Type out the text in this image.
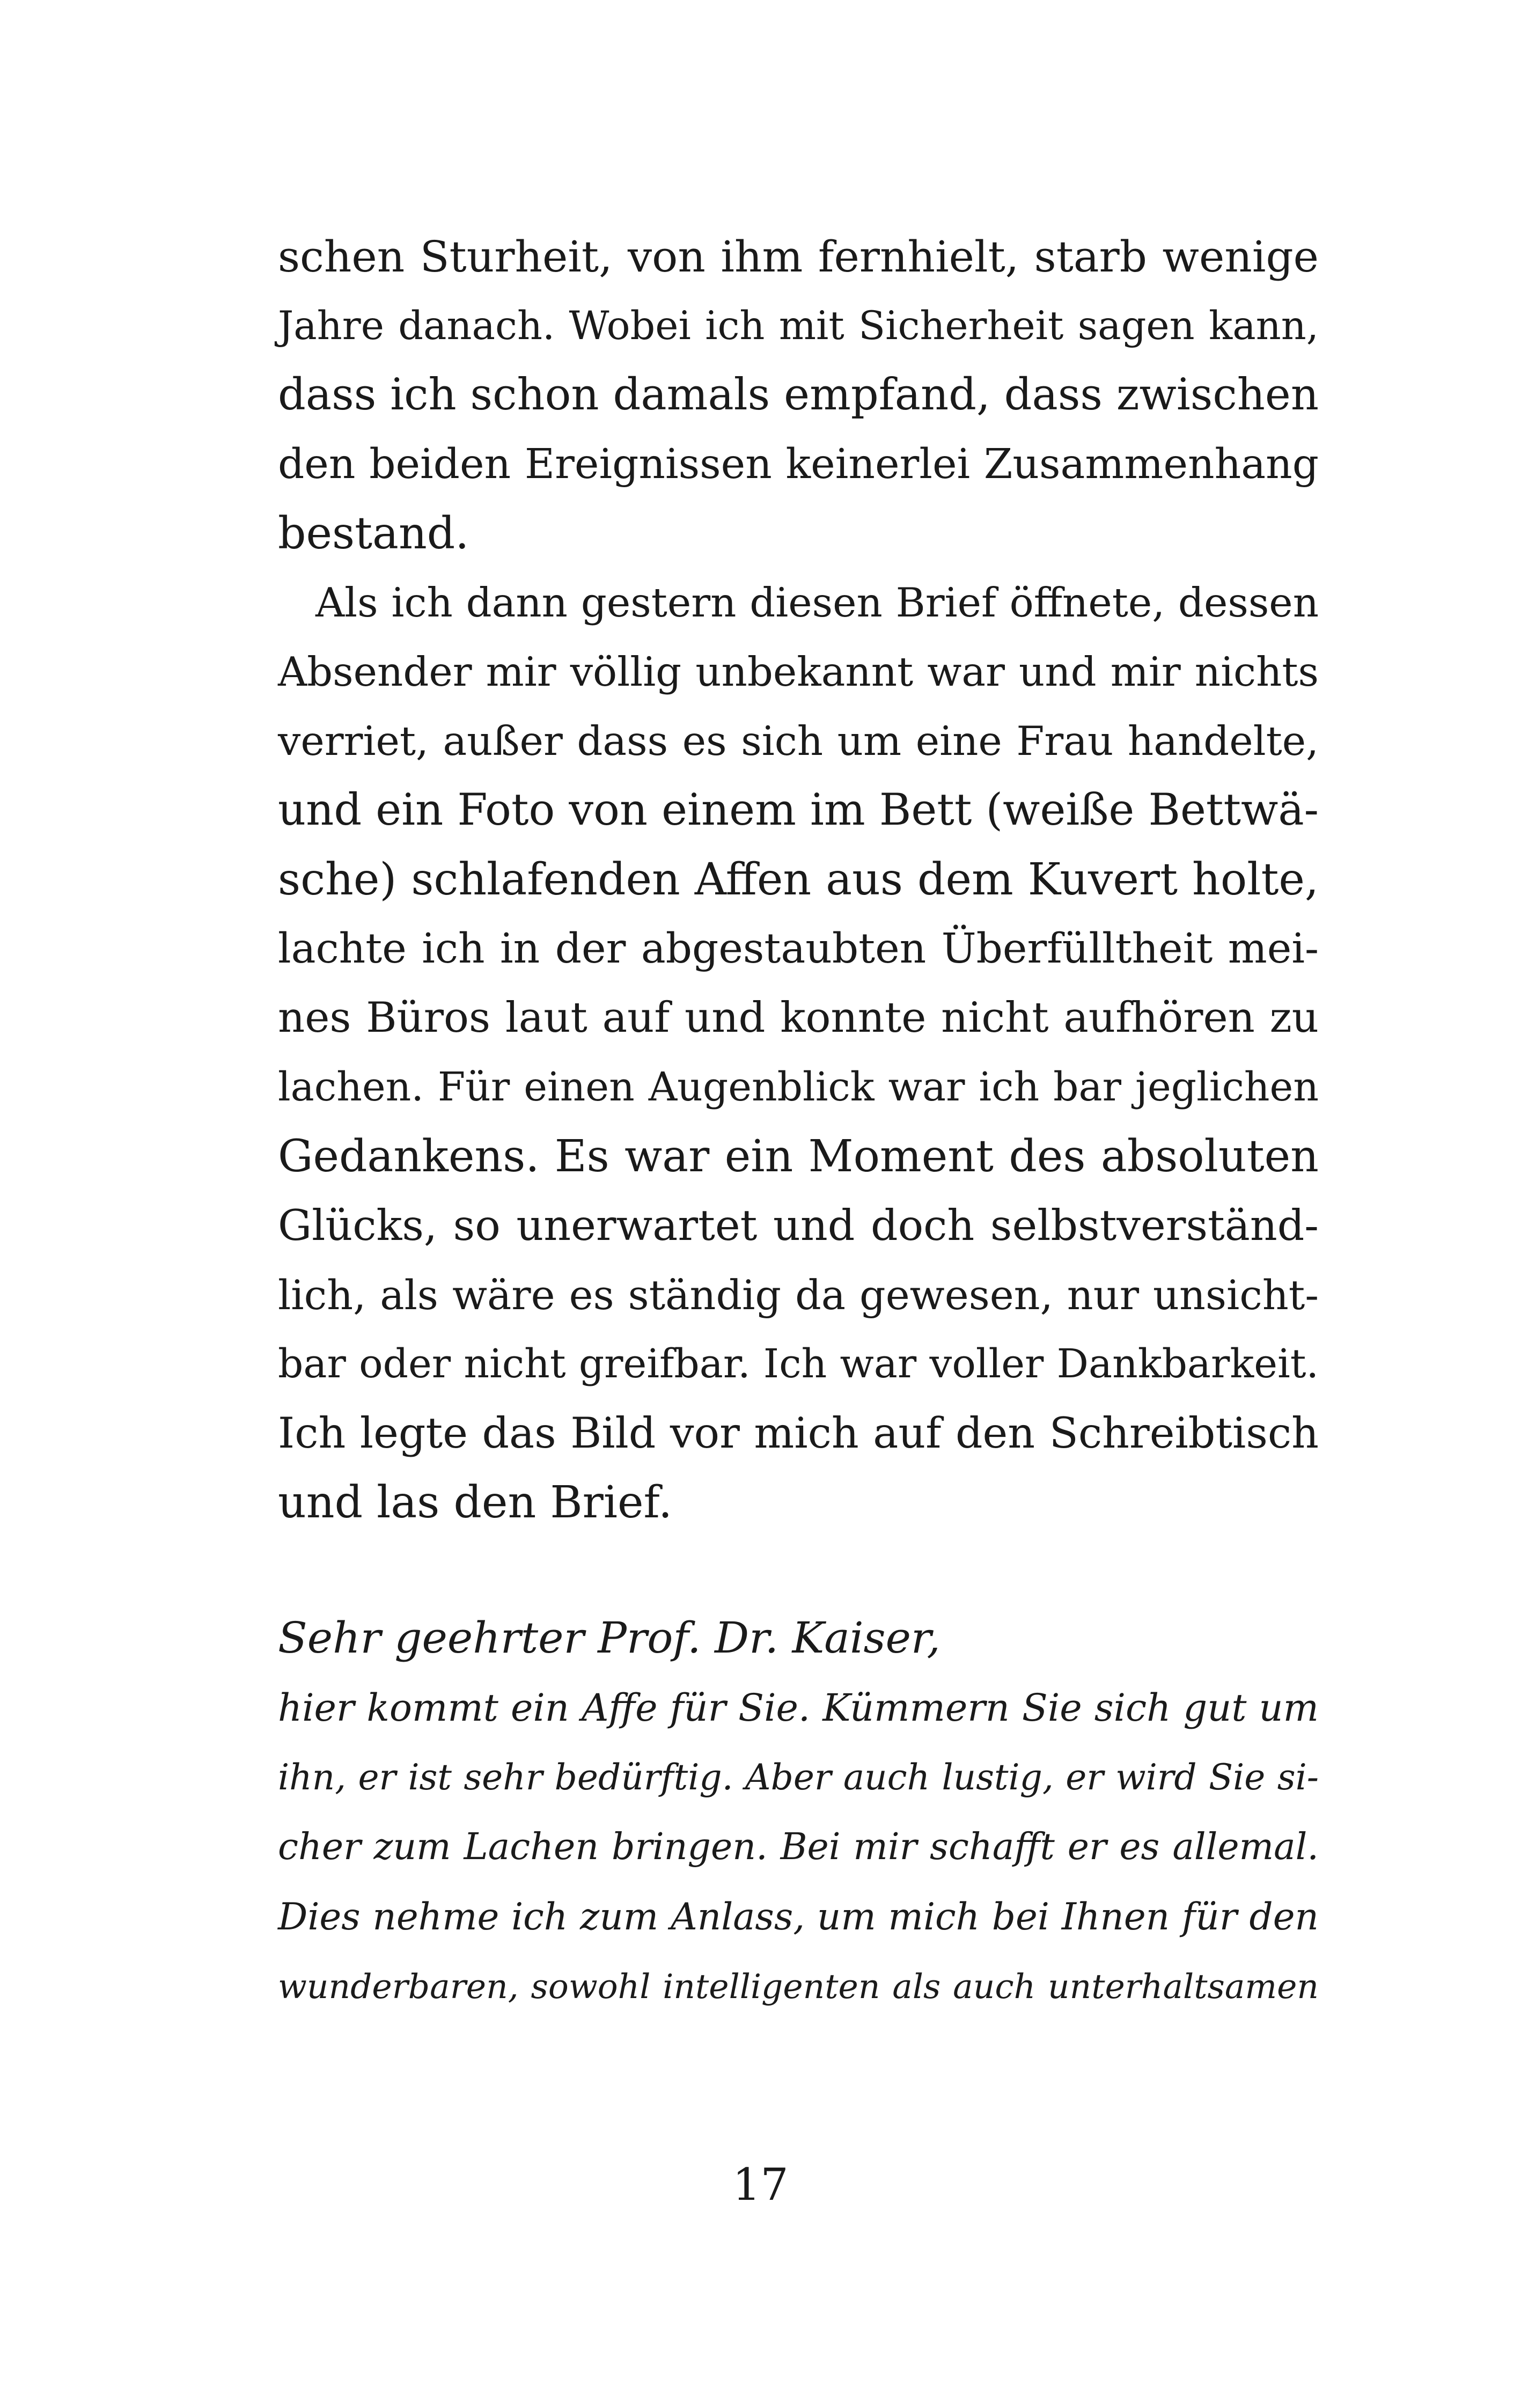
schen Sturheit, von ihm fernhielt, starb wenige
Jahre danach. Wobei ich mit Sicherheit sagen kann,
dass ich schon damals empfand, dass zwischen
den beiden Ereignissen keinerlei Zusammenhang
bestand.
Als ich dann gestern diesen Brief öffnete, dessen
Absender mir völlig unbekannt war und mir nichts
verriet, außer dass es sich um eine Frau handelte,
und ein Foto von einem im Bett (weiße Bettwä-
sche) schlafenden Affen aus dem Kuvert holte,
lachte ich in der abgestaubten Überfülltheit mei-
nes Büros laut auf und konnte nicht aufhören zu
lachen. Für einen Augenblick war ich bar jeglichen
Gedankens. Es war ein Moment des absoluten
Glücks, so unerwartet und doch selbstverständ-
lich, als wäre es ständig da gewesen, nur unsicht-
bar oder nicht greifbar. Ich war voller Dankbarkeit.
Ich legte das Bild vor mich auf den Schreibtisch
und las den Brief.
Sehr geehrter Prof. Dr. Kaiser,
hier kommt ein Affe für Sie. Kümmern Sie sich gut um
ihn, er ist sehr bedürftig. Aber auch lustig, er wird Sie si-
cher zum Lachen bringen. Bei mir schafft er es allemal.
Dies nehme ich zum Anlass, um mich bei Ihnen für den
wunderbaren, sowohl intelligenten als auch unterhaltsamen
17
